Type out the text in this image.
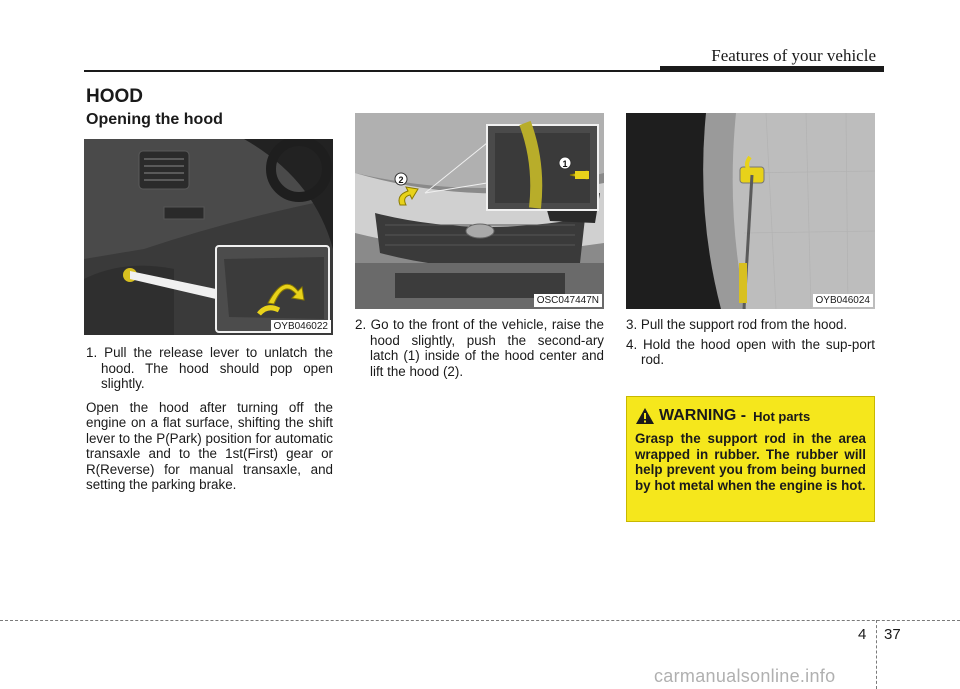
Features of your vehicle
HOOD
Opening the hood
OYB046022
1
2
OSC047447N	OYB046024

1. Pull the release lever to unlatch the hood. The hood should pop open slightly.

Open the hood after turning off the engine on a flat surface, shifting the shift lever to the P(Park) position for automatic transaxle and to the 1st(First) gear or R(Reverse) for manual transaxle, and setting the parking brake.

2. Go to the front of the vehicle, raise the hood slightly, push the second-ary latch (1) inside of the hood center and lift the hood (2).

3. Pull the support rod from the hood.

4. Hold the hood open with the sup-port rod.

WARNING - Hot parts
Grasp the support rod in the area wrapped in rubber. The rubber will help prevent you from being burned by hot metal when the engine is hot.
4 37
carmanualsonline.info
